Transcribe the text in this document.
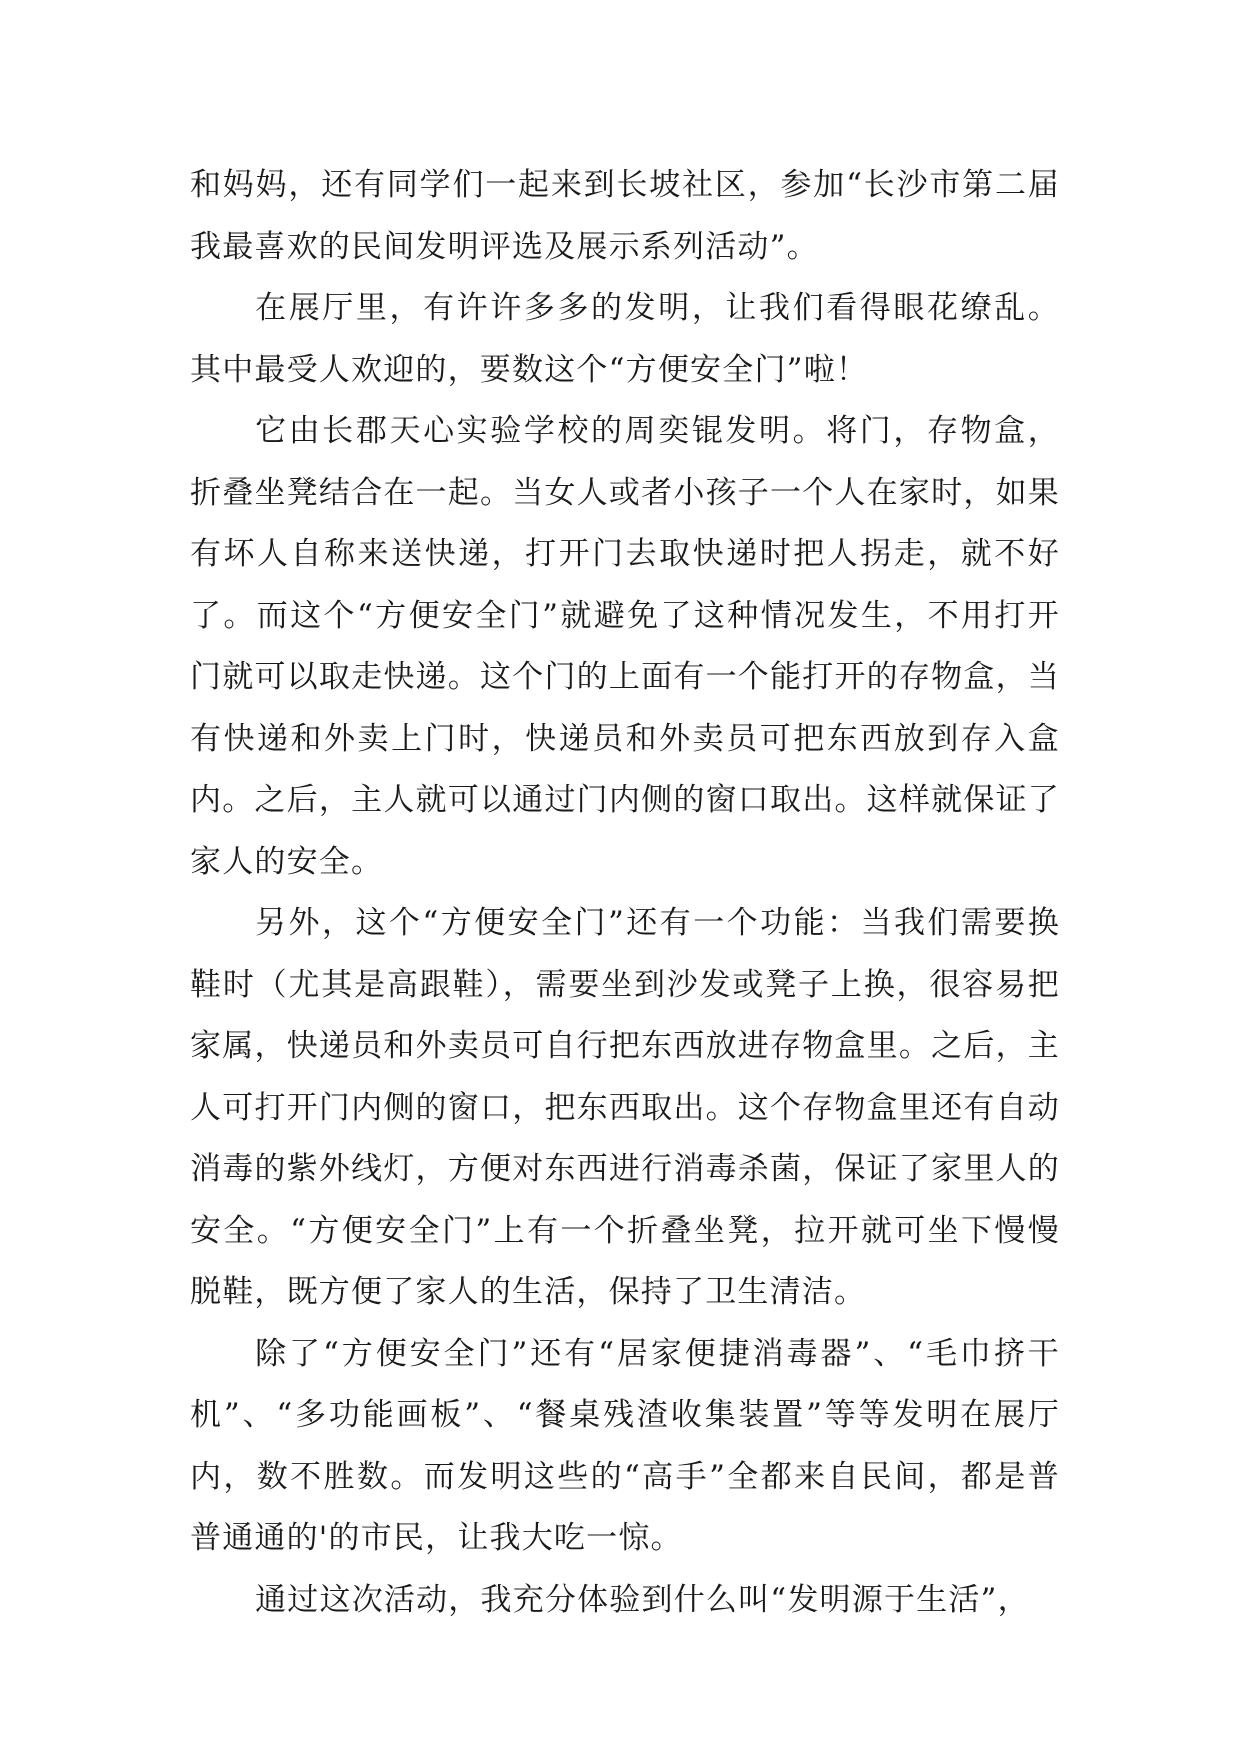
和妈妈，还有同学们一起来到长坡社区，参加“长沙市第二届我最喜欢的民间发明评选及展示系列活动”。

在展厅里，有许许多多的发明，让我们看得眼花缭乱。其中最受人欢迎的，要数这个“方便安全门”啦！

它由长郡天心实验学校的周奕锟发明。将门，存物盒，折叠坐凳结合在一起。当女人或者小孩子一个人在家时，如果有坏人自称来送快递，打开门去取快递时把人拐走，就不好了。而这个“方便安全门”就避免了这种情况发生，不用打开门就可以取走快递。这个门的上面有一个能打开的存物盒，当有快递和外卖上门时，快递员和外卖员可把东西放到存入盒内。之后，主人就可以通过门内侧的窗口取出。这样就保证了家人的安全。

另外，这个“方便安全门”还有一个功能：当我们需要换鞋时（尤其是高跟鞋），需要坐到沙发或凳子上换，很容易把家属，快递员和外卖员可自行把东西放进存物盒里。之后，主人可打开门内侧的窗口，把东西取出。这个存物盒里还有自动消毒的紫外线灯，方便对东西进行消毒杀菌，保证了家里人的安全。“方便安全门”上有一个折叠坐凳，拉开就可坐下慢慢脱鞋，既方便了家人的生活，保持了卫生清洁。

除了“方便安全门”还有“居家便捷消毒器”、“毛巾挤干机”、“多功能画板”、“餐桌残渣收集装置”等等发明在展厅内，数不胜数。而发明这些的“高手”全都来自民间，都是普普通通的'的市民，让我大吃一惊。

通过这次活动，我充分体验到什么叫“发明源于生活”，
